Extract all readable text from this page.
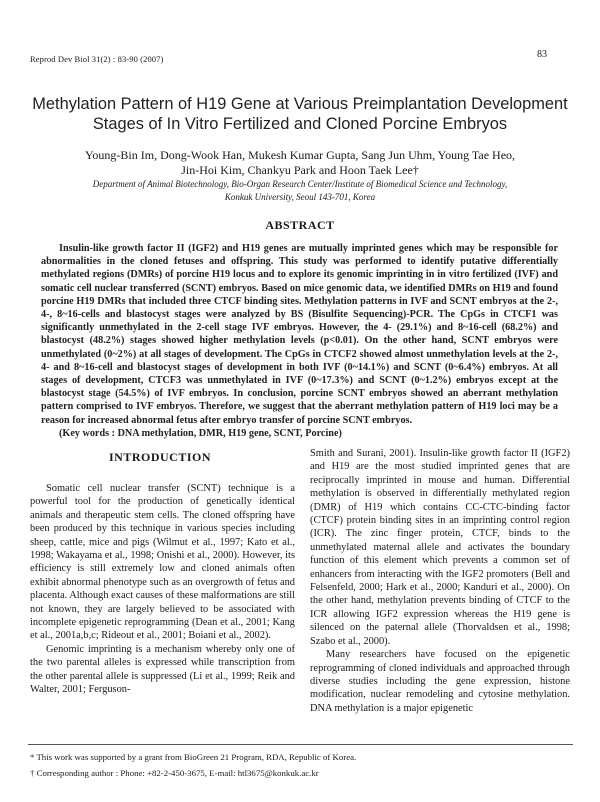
Reprod Dev Biol 31(2) : 83-90 (2007)	83
Methylation Pattern of H19 Gene at Various Preimplantation Development
Stages of In Vitro Fertilized and Cloned Porcine Embryos
Young-Bin Im, Dong-Wook Han, Mukesh Kumar Gupta, Sang Jun Uhm, Young Tae Heo,
Jin-Hoi Kim, Chankyu Park and Hoon Taek Lee†
Department of Animal Biotechnology, Bio-Organ Research Center/Institute of Biomedical Science and Technology,
Konkuk University, Seoul 143-701, Korea
ABSTRACT

Insulin-like growth factor II (IGF2) and H19 genes are mutually imprinted genes which may be responsible for abnormalities in the cloned fetuses and offspring. This study was performed to identify putative differentially methylated regions (DMRs) of porcine H19 locus and to explore its genomic imprinting in in vitro fertilized (IVF) and somatic cell nuclear transferred (SCNT) embryos. Based on mice genomic data, we identified DMRs on H19 and found porcine H19 DMRs that included three CTCF binding sites. Methylation patterns in IVF and SCNT embryos at the 2-, 4-, 8~16-cells and blastocyst stages were analyzed by BS (Bisulfite Sequencing)-PCR. The CpGs in CTCF1 was significantly unmethylated in the 2-cell stage IVF embryos. However, the 4- (29.1%) and 8~16-cell (68.2%) and blastocyst (48.2%) stages showed higher methylation levels (p<0.01). On the other hand, SCNT embryos were unmethylated (0~2%) at all stages of development. The CpGs in CTCF2 showed almost unmethylation levels at the 2-, 4- and 8~16-cell and blastocyst stages of development in both IVF (0~14.1%) and SCNT (0~6.4%) embryos. At all stages of development, CTCF3 was unmethylated in IVF (0~17.3%) and SCNT (0~1.2%) embryos except at the blastocyst stage (54.5%) of IVF embryos. In conclusion, porcine SCNT embryos showed an aberrant methylation pattern comprised to IVF embryos. Therefore, we suggest that the aberrant methylation pattern of H19 loci may be a reason for increased abnormal fetus after embryo transfer of porcine SCNT embryos.

(Key words : DNA methylation, DMR, H19 gene, SCNT, Porcine)

INTRODUCTION

Somatic cell nuclear transfer (SCNT) technique is a powerful tool for the production of genetically identical animals and therapeutic stem cells. The cloned offspring have been produced by this technique in various species including sheep, cattle, mice and pigs (Wilmut et al., 1997; Kato et al., 1998; Wakayama et al., 1998; Onishi et al., 2000). However, its efficiency is still extremely low and cloned animals often exhibit abnormal phenotype such as an overgrowth of fetus and placenta. Although exact causes of these malformations are still not known, they are largely believed to be associated with incomplete epigenetic reprogramming (Dean et al., 2001; Kang et al., 2001a,b,c; Rideout et al., 2001; Boiani et al., 2002).

Genomic imprinting is a mechanism whereby only one of the two parental alleles is expressed while transcription from the other parental allele is suppressed (Li et al., 1999; Reik and Walter, 2001; Ferguson-

Smith and Surani, 2001). Insulin-like growth factor II (IGF2) and H19 are the most studied imprinted genes that are reciprocally imprinted in mouse and human. Differential methylation is observed in differentially methylated region (DMR) of H19 which contains CC-CTC-binding factor (CTCF) protein binding sites in an imprinting control region (ICR). The zinc finger protein, CTCF, binds to the unmethylated maternal allele and activates the boundary function of this element which prevents a common set of enhancers from interacting with the IGF2 promoters (Bell and Felsenfeld, 2000; Hark et al., 2000; Kanduri et al., 2000). On the other hand, methylation prevents binding of CTCF to the ICR allowing IGF2 expression whereas the H19 gene is silenced on the paternal allele (Thorvaldsen et al., 1998; Szabo et al., 2000).

Many researchers have focused on the epigenetic reprogramming of cloned individuals and approached through diverse studies including the gene expression, histone modification, nuclear remodeling and cytosine methylation. DNA methylation is a major epigenetic

* This work was supported by a grant from BioGreen 21 Program, RDA, Republic of Korea.
† Corresponding author : Phone: +82-2-450-3675, E-mail: htl3675@konkuk.ac.kr
